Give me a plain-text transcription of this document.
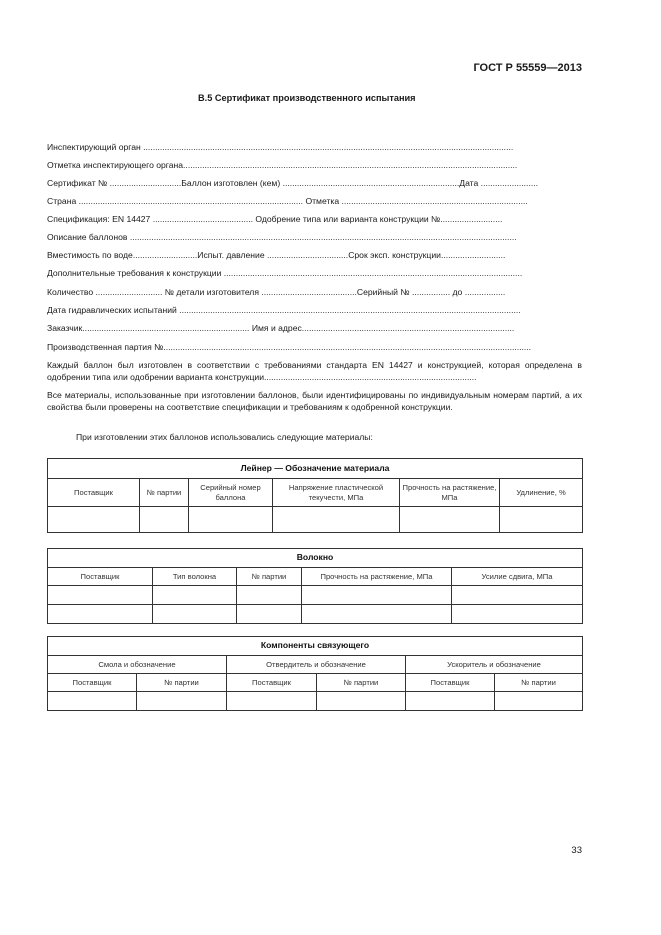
ГОСТ Р 55559—2013
B.5 Сертификат производственного испытания
Инспектирующий орган ...........................................................................................................................................................
Отметка инспектирующего органа............................................................................................................................................
Сертификат № ..............................Баллон изготовлен (кем) ..........................................................................Дата ........................
Страна .............................................................................................. Отметка ..............................................................................
Спецификация: EN 14427 .......................................... Одобрение типа или варианта конструкции №..........................
Описание баллонов ..................................................................................................................................................................
Вместимость по воде...........................Испыт. давление ..................................Срок эксп. конструкции...........................
Дополнительные требования к конструкции .............................................................................................................................
Количество ............................ № детали изготовителя ........................................Серийный № ................ до .................
Дата гидравлических испытаний ...............................................................................................................................................
Заказчик...................................................................... Имя и адрес.........................................................................................
Производственная партия №..........................................................................................................................................................
Каждый баллон был изготовлен в соответствии с требованиями стандарта EN 14427 и конструкцией, которая определена в одобрении типа или одобрении варианта конструкции.........................................................................................
Все материалы, использованные при изготовлении баллонов, были идентифицированы по индивидуальным номерам партий, а их свойства были проверены на соответствие спецификации и требованиям к одобренной конструкции.
При изготовлении этих баллонов использовались следующие материалы:
Лейнер — Обозначение материала					
Поставщик	№ партии	Серийный номер баллона	Напряжение пластической текучести, МПа	Прочность на растяжение, МПа	Удлинение, %

Волокно				
Поставщик	Тип волокна	№ партии	Прочность на растяжение, МПа	Усилие сдвига, МПа

Компоненты связующего					
Смола и обозначение		Отвердитель и обозначение		Ускоритель и обозначение	
Поставщик	№ партии	Поставщик	№ партии	Поставщик	№ партии

33
